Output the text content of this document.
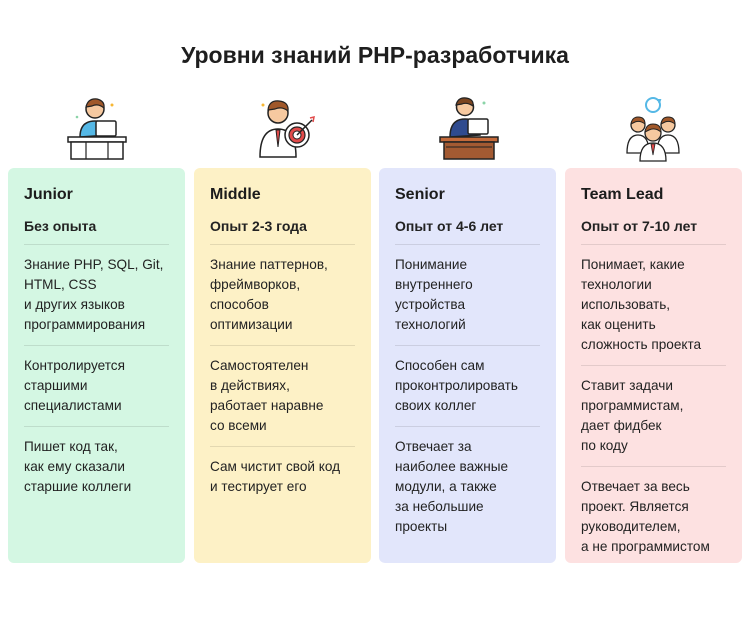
Уровни знаний PHP-разработчика
Junior
Без опыта
Знание PHP, SQL, Git,
HTML, CSS
и других языков
программирования
Контролируется
старшими
специалистами
Пишет код так,
как ему сказали
старшие коллеги
Middle
Опыт 2-3 года
Знание паттернов,
фреймворков,
способов
оптимизации
Самостоятелен
в действиях,
работает наравне
со всеми
Сам чистит свой код
и тестирует его
Senior
Опыт от 4-6 лет
Понимание
внутреннего
устройства
технологий
Способен сам
проконтролировать
своих коллег
Отвечает за
наиболее важные
модули, а также
за небольшие
проекты
Team Lead
Опыт от 7-10 лет
Понимает, какие
технологии
использовать,
как оценить
сложность проекта
Ставит задачи
программистам,
дает фидбек
по коду
Отвечает за весь
проект. Является
руководителем,
а не программистом
